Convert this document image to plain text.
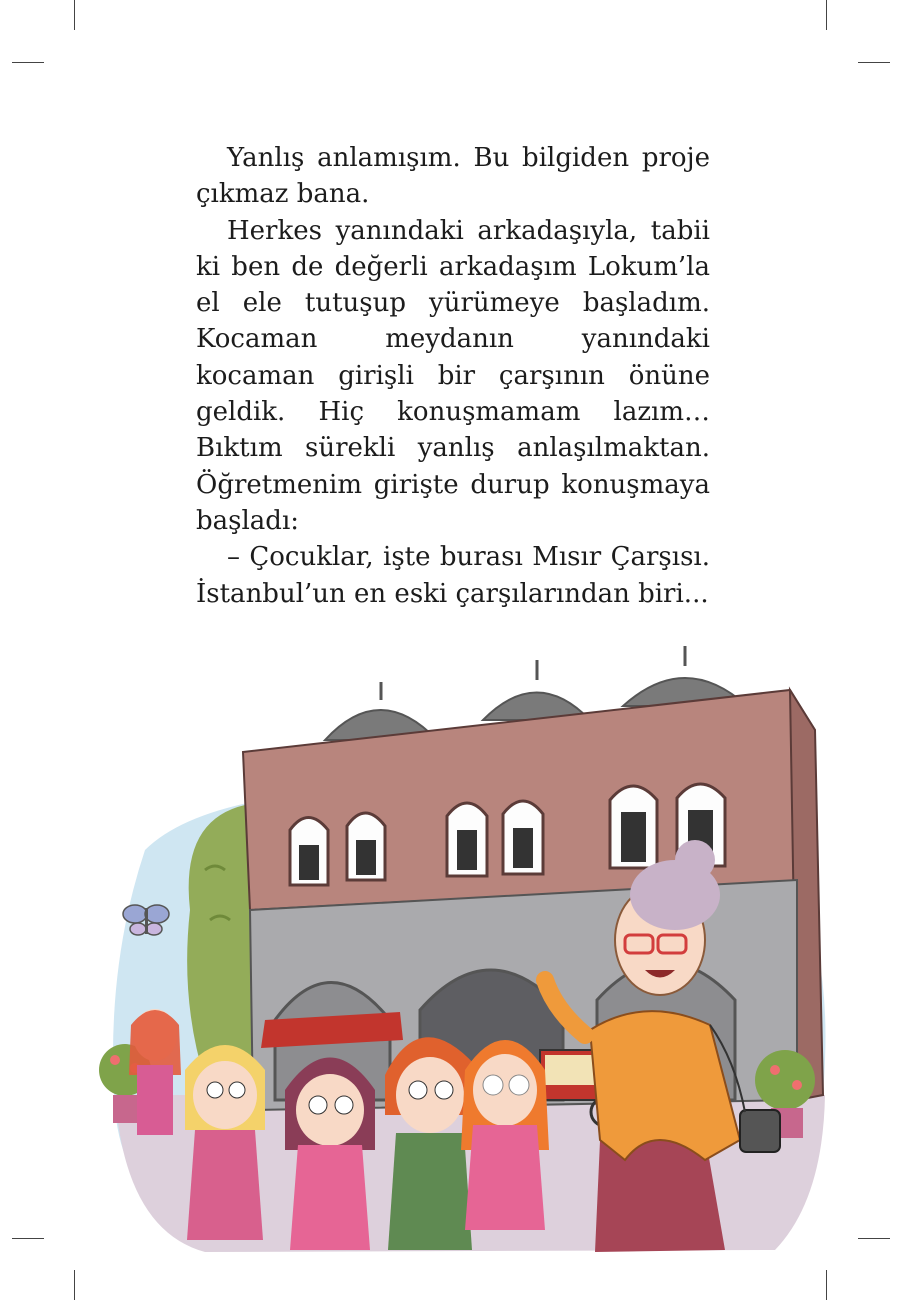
Yanlış anlamışım. Bu bilgiden proje çıkmaz bana.

Herkes yanındaki arkadaşıyla, tabii ki ben de değerli arkadaşım Lokum’la el ele tutuşup yürümeye başladım. Kocaman meydanın yanındaki kocaman girişli bir çarşının önüne geldik. Hiç konuşmamam lazım… Bıktım sürekli yanlış anlaşılmaktan. Öğretmenim girişte durup konuşmaya başladı:

– Çocuklar, işte burası Mısır Çarşısı. İstanbul’un en eski çarşılarından biri...
